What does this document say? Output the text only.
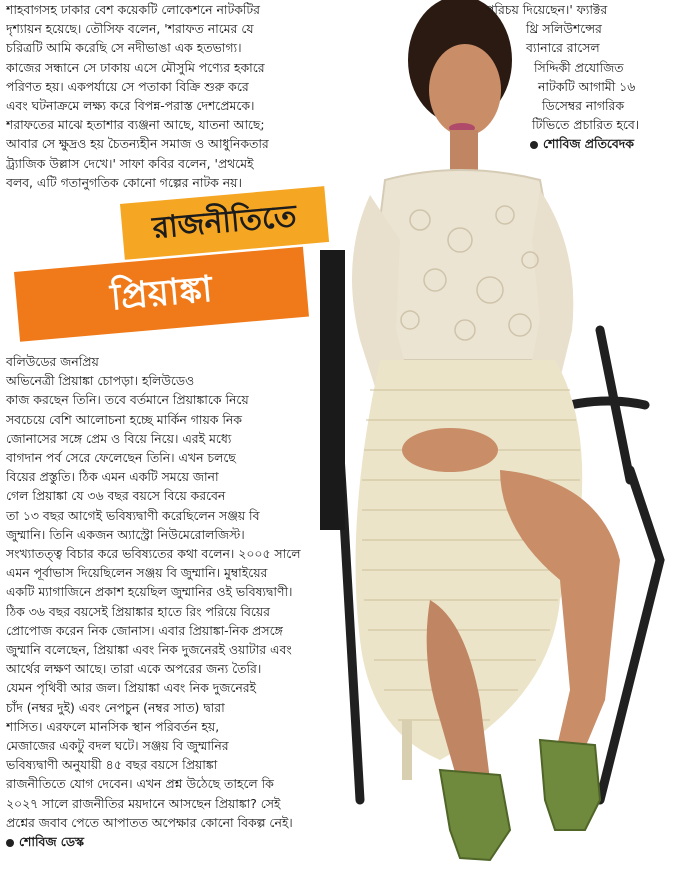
শাহবাগসহ ঢাকার বেশ কয়েকটি লোকেশনে নাটকটির
দৃশ্যায়ন হয়েছে। তৌসিফ বলেন, 'শরাফত নামের যে
চরিত্রটি আমি করেছি সে নদীভাঙা এক হতভাগ্য।
কাজের সন্ধানে সে ঢাকায় এসে মৌসুমি পণ্যের হকারে
পরিণত হয়। একপর্যায়ে সে পতাকা বিক্রি শুরু করে
এবং ঘটনাক্রমে লক্ষ্য করে বিপন্ন-পরাস্ত দেশপ্রেমকে।
শরাফতের মাঝে হতাশার ব্যঞ্জনা আছে, যাতনা আছে;
আবার সে ক্ষুদ্রও হয় চৈতন্যহীন সমাজ ও আধুনিকতার
ট্র্যাজিক উল্লাস দেখে।' সাফা কবির বলেন, 'প্রথমেই
বলব, এটি গতানুগতিক কোনো গল্পের নাটক নয়।
পরিচয় দিয়েছেন।' ফ্যাক্টর
থ্রি সলিউশন্সের
ব্যানারে রাসেল
সিদ্দিকী প্রযোজিত
নাটকটি আগামী ১৬
ডিসেম্বর নাগরিক
টিভিতে প্রচারিত হবে।
শোবিজ প্রতিবেদক
রাজনীতিতে
প্রিয়াঙ্কা
বলিউডের জনপ্রিয়
অভিনেত্রী প্রিয়াঙ্কা চোপড়া। হলিউডেও
কাজ করছেন তিনি। তবে বর্তমানে প্রিয়াঙ্কাকে নিয়ে
সবচেয়ে বেশি আলোচনা হচ্ছে মার্কিন গায়ক নিক
জোনাসের সঙ্গে প্রেম ও বিয়ে নিয়ে। এরই মধ্যে
বাগদান পর্ব সেরে ফেলেছেন তিনি। এখন চলছে
বিয়ের প্রস্তুতি। ঠিক এমন একটি সময়ে জানা
গেল প্রিয়াঙ্কা যে ৩৬ বছর বয়সে বিয়ে করবেন
তা ১৩ বছর আগেই ভবিষ্যদ্বাণী করেছিলেন সঞ্জয় বি
জুম্মানি। তিনি একজন অ্যাস্ট্রো নিউমেরোলজিস্ট।
সংখ্যাতত্ত্ব বিচার করে ভবিষ্যতের কথা বলেন। ২০০৫ সালে
এমন পূর্বাভাস দিয়েছিলেন সঞ্জয় বি জুম্মানি। মুম্বাইয়ের
একটি ম্যাগাজিনে প্রকাশ হয়েছিল জুম্মানির ওই ভবিষ্যদ্বাণী।
ঠিক ৩৬ বছর বয়সেই প্রিয়াঙ্কার হাতে রিং পরিয়ে বিয়ের
প্রোপোজ করেন নিক জোনাস। এবার প্রিয়াঙ্কা-নিক প্রসঙ্গে
জুম্মানি বলেছেন, প্রিয়াঙ্কা এবং নিক দুজনেরই ওয়াটার এবং
আর্থের লক্ষণ আছে। তারা একে অপরের জন্য তৈরি।
যেমন পৃথিবী আর জল। প্রিয়াঙ্কা এবং নিক দুজনেরই
চাঁদ (নম্বর দুই) এবং নেপচুন (নম্বর সাত) দ্বারা
শাসিত। এরফলে মানসিক স্থান পরিবর্তন হয়,
মেজাজের একটু বদল ঘটে। সঞ্জয় বি জুম্মানির
ভবিষ্যদ্বাণী অনুযায়ী ৪৫ বছর বয়সে প্রিয়াঙ্কা
রাজনীতিতে যোগ দেবেন। এখন প্রশ্ন উঠেছে তাহলে কি
২০২৭ সালে রাজনীতির ময়দানে আসছেন প্রিয়াঙ্কা? সেই
প্রশ্নের জবাব পেতে আপাতত অপেক্ষার কোনো বিকল্প নেই।
শোবিজ ডেস্ক
